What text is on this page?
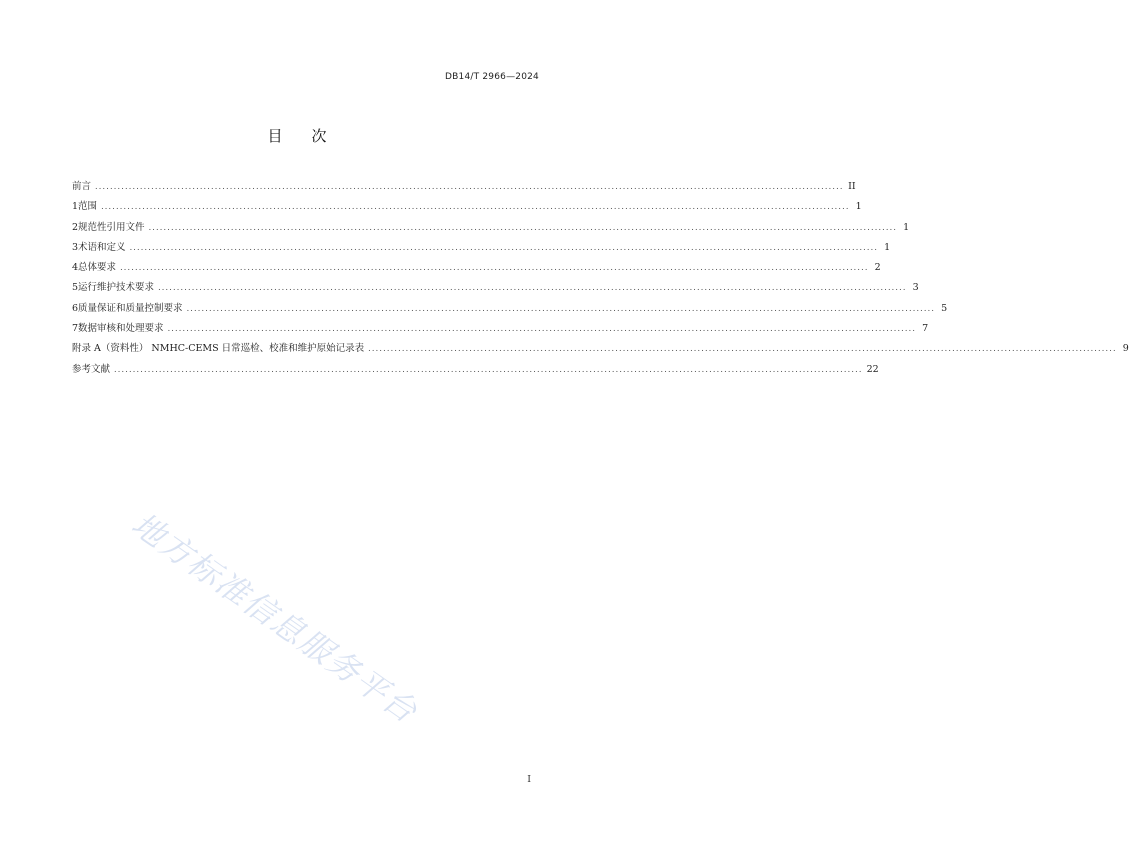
DB14/T 2966—2024
目 次
前言 ........................................................................................................................................................................................................ II
1 范围 ........................................................................................................................................................................................................ 1
2 规范性引用文件 ........................................................................................................................................................................................................ 1
3 术语和定义 ........................................................................................................................................................................................................ 1
4 总体要求 ........................................................................................................................................................................................................ 2
5 运行维护技术要求 ........................................................................................................................................................................................................ 3
6 质量保证和质量控制要求 ........................................................................................................................................................................................................ 5
7 数据审核和处理要求 ........................................................................................................................................................................................................ 7
附录 A（资料性） NMHC-CEMS 日常巡检、校准和维护原始记录表 ........................................................................................................................................................................................................ 9
参考文献 ........................................................................................................................................................................................................ 22
地方标准信息服务平台
I
